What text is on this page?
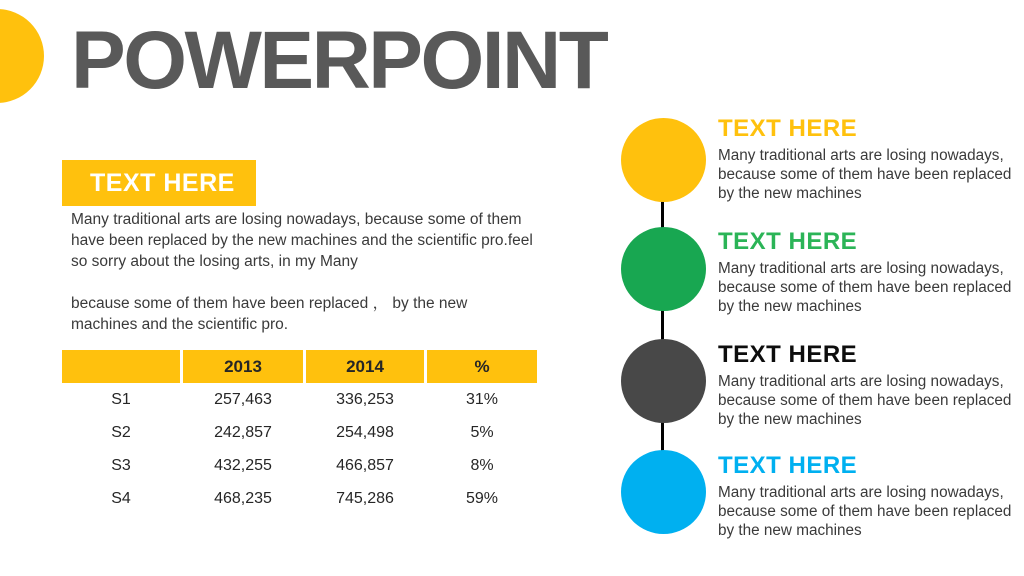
POWERPOINT
TEXT HERE

Many traditional arts are losing nowadays, because some of them have been replaced by the new machines and the scientific pro.feel so sorry about the losing arts, in my Many

because some of them have been replaced ， by the new machines and the scientific pro.

	2013	2014	%
S1	257,463	336,253	31%
S2	242,857	254,498	5%
S3	432,255	466,857	8%
S4	468,235	745,286	59%
TEXT HERE

Many traditional arts are losing nowadays, because some of them have been replaced by the new machines

TEXT HERE

Many traditional arts are losing nowadays, because some of them have been replaced by the new machines

TEXT HERE

Many traditional arts are losing nowadays, because some of them have been replaced by the new machines

TEXT HERE

Many traditional arts are losing nowadays, because some of them have been replaced by the new machines
